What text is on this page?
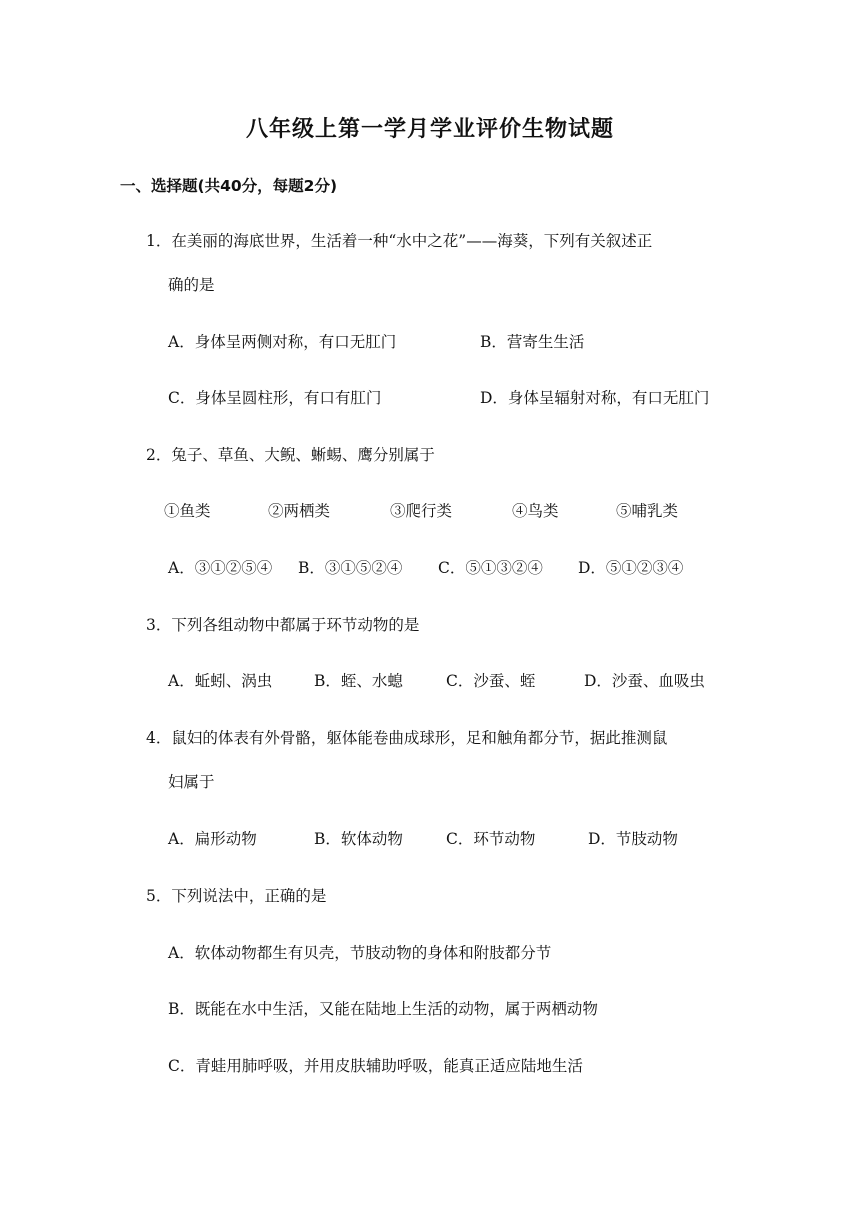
八年级上第一学月学业评价生物试题
一、选择题(共40分，每题2分)
1．在美丽的海底世界，生活着一种“水中之花”——海葵，下列有关叙述正
确的是
A．身体呈两侧对称，有口无肛门	B．营寄生生活
C．身体呈圆柱形，有口有肛门	D．身体呈辐射对称，有口无肛门
2．兔子、草鱼、大鲵、蜥蜴、鹰分别属于
①鱼类	②两栖类	③爬行类	④鸟类	⑤哺乳类
A．③①②⑤④ B．③①⑤②④ C．⑤①③②④ D．⑤①②③④
3．下列各组动物中都属于环节动物的是
A．蚯蚓、涡虫	B．蛭、水螅	C．沙蚕、蛭	D．沙蚕、血吸虫
4．鼠妇的体表有外骨骼，躯体能卷曲成球形，足和触角都分节，据此推测鼠
妇属于
A．扁形动物	B．软体动物	C．环节动物	D．节肢动物
5．下列说法中，正确的是
A．软体动物都生有贝壳，节肢动物的身体和附肢都分节
B．既能在水中生活，又能在陆地上生活的动物，属于两栖动物
C．青蛙用肺呼吸，并用皮肤辅助呼吸，能真正适应陆地生活
